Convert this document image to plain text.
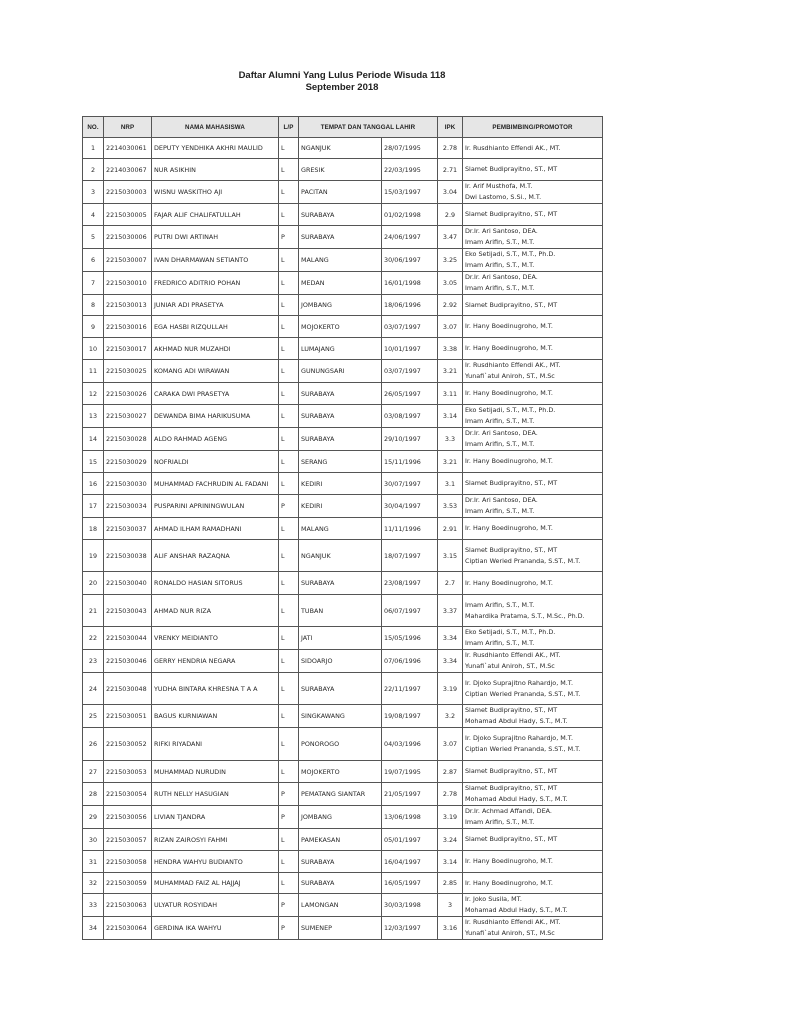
Daftar Alumni Yang Lulus Periode Wisuda 118
September 2018
NO.	NRP	NAMA MAHASISWA	L/P	TEMPAT DAN TANGGAL LAHIR		IPK	PEMBIMBING/PROMOTOR
1	2214030061	DEPUTY YENDHIKA AKHRI MAULID	L	NGANJUK	28/07/1995	2.78	Ir. Rusdhianto Effendi AK., MT.

2	2214030067	NUR ASIKHIN	L	GRESIK	22/03/1995	2.71	Slamet Budiprayitno, ST., MT

3	2215030003	WISNU WASKITHO AJI	L	PACITAN	15/03/1997	3.04	Ir. Arif Musthofa, M.T.
Dwi Lastomo, S.Si., M.T.

4	2215030005	FAJAR ALIF CHALIFATULLAH	L	SURABAYA	01/02/1998	2.9	Slamet Budiprayitno, ST., MT

5	2215030006	PUTRI DWI ARTINAH	P	SURABAYA	24/06/1997	3.47	Dr.Ir. Ari Santoso, DEA.
Imam Arifin, S.T., M.T.

6	2215030007	IVAN DHARMAWAN SETIANTO	L	MALANG	30/06/1997	3.25	Eko Setijadi, S.T., M.T., Ph.D.
Imam Arifin, S.T., M.T.

7	2215030010	FREDRICO ADITRIO POHAN	L	MEDAN	16/01/1998	3.05	Dr.Ir. Ari Santoso, DEA.
Imam Arifin, S.T., M.T.

8	2215030013	JUNIAR ADI PRASETYA	L	JOMBANG	18/06/1996	2.92	Slamet Budiprayitno, ST., MT

9	2215030016	EGA HASBI RIZQULLAH	L	MOJOKERTO	03/07/1997	3.07	Ir. Hany Boedinugroho, M.T.

10	2215030017	AKHMAD NUR MUZAHDI	L	LUMAJANG	10/01/1997	3.38	Ir. Hany Boedinugroho, M.T.

11	2215030025	KOMANG ADI WIRAWAN	L	GUNUNGSARI	03/07/1997	3.21	Ir. Rusdhianto Effendi AK., MT.
Yunafi`atul Aniroh, ST., M.Sc

12	2215030026	CARAKA DWI PRASETYA	L	SURABAYA	26/05/1997	3.11	Ir. Hany Boedinugroho, M.T.

13	2215030027	DEWANDA BIMA HARIKUSUMA	L	SURABAYA	03/08/1997	3.14	Eko Setijadi, S.T., M.T., Ph.D.
Imam Arifin, S.T., M.T.

14	2215030028	ALDO RAHMAD AGENG	L	SURABAYA	29/10/1997	3.3	Dr.Ir. Ari Santoso, DEA.
Imam Arifin, S.T., M.T.

15	2215030029	NOFRIALDI	L	SERANG	15/11/1996	3.21	Ir. Hany Boedinugroho, M.T.

16	2215030030	MUHAMMAD FACHRUDIN AL FADANI	L	KEDIRI	30/07/1997	3.1	Slamet Budiprayitno, ST., MT

17	2215030034	PUSPARINI APRININGWULAN	P	KEDIRI	30/04/1997	3.53	Dr.Ir. Ari Santoso, DEA.
Imam Arifin, S.T., M.T.

18	2215030037	AHMAD ILHAM RAMADHANI	L	MALANG	11/11/1996	2.91	Ir. Hany Boedinugroho, M.T.

19	2215030038	ALIF ANSHAR RAZAQNA	L	NGANJUK	18/07/1997	3.15	Slamet Budiprayitno, ST., MT
Ciptian Weried Prananda, S.ST., M.T.

20	2215030040	RONALDO HASIAN SITORUS	L	SURABAYA	23/08/1997	2.7	Ir. Hany Boedinugroho, M.T.

21	2215030043	AHMAD NUR RIZA	L	TUBAN	06/07/1997	3.37	Imam Arifin, S.T., M.T.
Mahardika Pratama, S.T., M.Sc., Ph.D.

22	2215030044	VRENKY MEIDIANTO	L	JATI	15/05/1996	3.34	Eko Setijadi, S.T., M.T., Ph.D.
Imam Arifin, S.T., M.T.

23	2215030046	GERRY HENDRIA NEGARA	L	SIDOARJO	07/06/1996	3.34	Ir. Rusdhianto Effendi AK., MT.
Yunafi`atul Aniroh, ST., M.Sc

24	2215030048	YUDHA BINTARA KHRESNA T A A	L	SURABAYA	22/11/1997	3.19	Ir. Djoko Suprajitno Rahardjo, M.T.
Ciptian Weried Prananda, S.ST., M.T.

25	2215030051	BAGUS KURNIAWAN	L	SINGKAWANG	19/08/1997	3.2	Slamet Budiprayitno, ST., MT
Mohamad Abdul Hady, S.T., M.T.

26	2215030052	RIFKI RIYADANI	L	PONOROGO	04/03/1996	3.07	Ir. Djoko Suprajitno Rahardjo, M.T.
Ciptian Weried Prananda, S.ST., M.T.

27	2215030053	MUHAMMAD NURUDIN	L	MOJOKERTO	19/07/1995	2.87	Slamet Budiprayitno, ST., MT

28	2215030054	RUTH NELLY HASUGIAN	P	PEMATANG SIANTAR	21/05/1997	2.78	Slamet Budiprayitno, ST., MT
Mohamad Abdul Hady, S.T., M.T.

29	2215030056	LIVIAN TJANDRA	P	JOMBANG	13/06/1998	3.19	Dr.Ir. Achmad Affandi, DEA.
Imam Arifin, S.T., M.T.

30	2215030057	RIZAN ZAIROSYI FAHMI	L	PAMEKASAN	05/01/1997	3.24	Slamet Budiprayitno, ST., MT

31	2215030058	HENDRA WAHYU BUDIANTO	L	SURABAYA	16/04/1997	3.14	Ir. Hany Boedinugroho, M.T.

32	2215030059	MUHAMMAD FAIZ AL HAJJAJ	L	SURABAYA	16/05/1997	2.85	Ir. Hany Boedinugroho, M.T.

33	2215030063	ULYATUR ROSYIDAH	P	LAMONGAN	30/03/1998	3	Ir. Joko Susila, MT.
Mohamad Abdul Hady, S.T., M.T.

34	2215030064	GERDINA IKA WAHYU	P	SUMENEP	12/03/1997	3.16	Ir. Rusdhianto Effendi AK., MT.
Yunafi`atul Aniroh, ST., M.Sc
